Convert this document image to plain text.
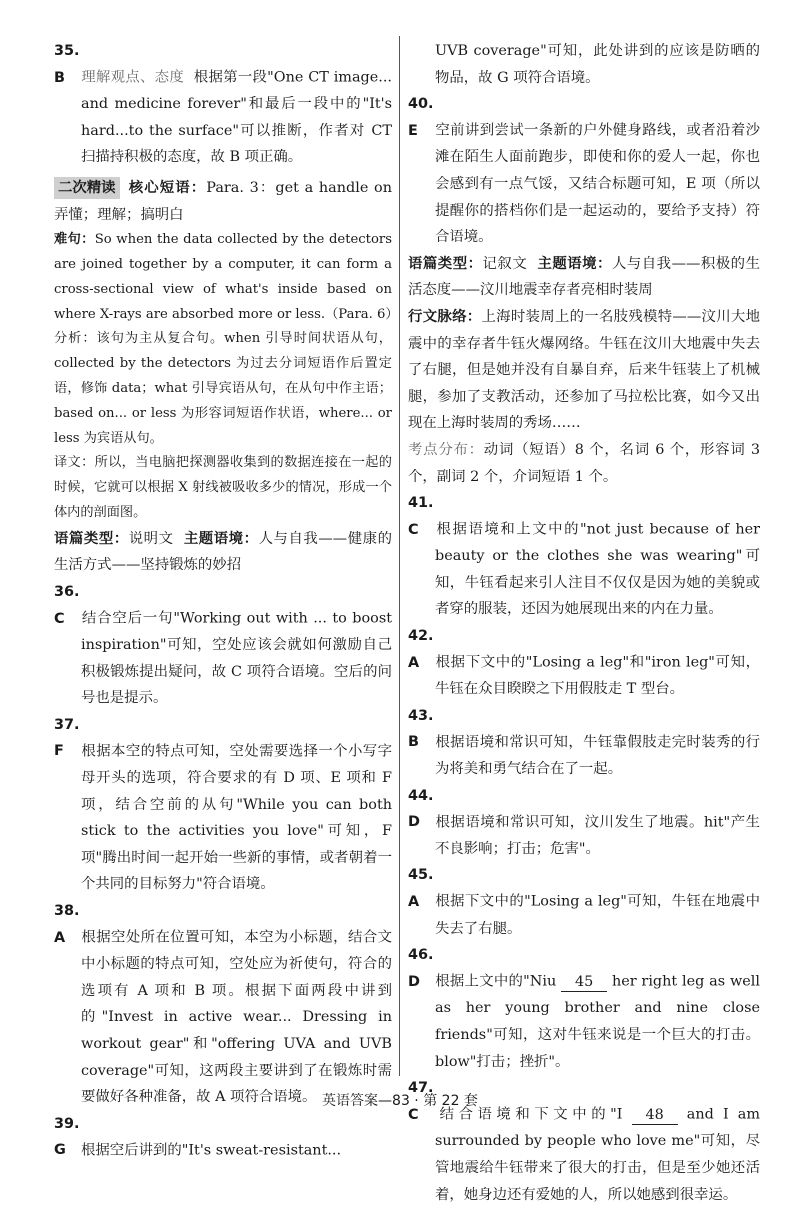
35. B 理解观点、态度 根据第一段"One CT image... and medicine forever"和最后一段中的"It's hard...to the surface"可以推断，作者对 CT 扫描持积极的态度，故 B 项正确。

二次精读 核心短语：Para. 3：get a handle on 弄懂；理解；搞明白

难句：So when the data collected by the detectors are joined together by a computer, it can form a cross-sectional view of what's inside based on where X-rays are absorbed more or less.（Para. 6）

分析：该句为主从复合句。when 引导时间状语从句，collected by the detectors 为过去分词短语作后置定语，修饰 data；what 引导宾语从句，在从句中作主语；based on... or less 为形容词短语作状语，where... or less 为宾语从句。

译文：所以，当电脑把探测器收集到的数据连接在一起的时候，它就可以根据 X 射线被吸收多少的情况，形成一个体内的剖面图。

语篇类型：说明文 主题语境：人与自我——健康的生活方式——坚持锻炼的妙招

36. C 结合空后一句"Working out with ... to boost inspiration"可知，空处应该会就如何激励自己积极锻炼提出疑问，故 C 项符合语境。空后的问号也是提示。

37. F 根据本空的特点可知，空处需要选择一个小写字母开头的选项，符合要求的有 D 项、E 项和 F 项，结合空前的从句"While you can both stick to the activities you love"可知，F 项"腾出时间一起开始一些新的事情，或者朝着一个共同的目标努力"符合语境。

38. A 根据空处所在位置可知，本空为小标题，结合文中小标题的特点可知，空处应为祈使句，符合的选项有 A 项和 B 项。根据下面两段中讲到的"Invest in active wear... Dressing in workout gear"和"offering UVA and UVB coverage"可知，这两段主要讲到了在锻炼时需要做好各种准备，故 A 项符合语境。

39. G 根据空后讲到的"It's sweat-resistant...

UVB coverage"可知，此处讲到的应该是防晒的物品，故 G 项符合语境。

40. E 空前讲到尝试一条新的户外健身路线，或者沿着沙滩在陌生人面前跑步，即使和你的爱人一起，你也会感到有一点气馁，又结合标题可知，E 项（所以提醒你的搭档你们是一起运动的，要给予支持）符合语境。

语篇类型：记叙文 主题语境：人与自我——积极的生活态度——汶川地震幸存者亮相时装周

行文脉络：上海时装周上的一名肢残模特——汶川大地震中的幸存者牛钰火爆网络。牛钰在汶川大地震中失去了右腿，但是她并没有自暴自弃，后来牛钰装上了机械腿，参加了支教活动，还参加了马拉松比赛，如今又出现在上海时装周的秀场……

考点分布：动词（短语）8 个，名词 6 个，形容词 3 个，副词 2 个，介词短语 1 个。

41. C 根据语境和上文中的"not just because of her beauty or the clothes she was wearing"可知，牛钰看起来引人注目不仅仅是因为她的美貌或者穿的服装，还因为她展现出来的内在力量。

42. A 根据下文中的"Losing a leg"和"iron leg"可知，牛钰在众目睽睽之下用假肢走 T 型台。

43. B 根据语境和常识可知，牛钰靠假肢走完时装秀的行为将美和勇气结合在了一起。

44. D 根据语境和常识可知，汶川发生了地震。hit"产生不良影响；打击；危害"。

45. A 根据下文中的"Losing a leg"可知，牛钰在地震中失去了右腿。

46. D 根据上文中的"Niu 45 her right leg as well as her young brother and nine close friends"可知，这对牛钰来说是一个巨大的打击。blow"打击；挫折"。

47. C 结合语境和下文中的"I 48 and I am surrounded by people who love me"可知，尽管地震给牛钰带来了很大的打击，但是至少她还活着，她身边还有爱她的人，所以她感到很幸运。

英语答案—83 · 第 22 套
